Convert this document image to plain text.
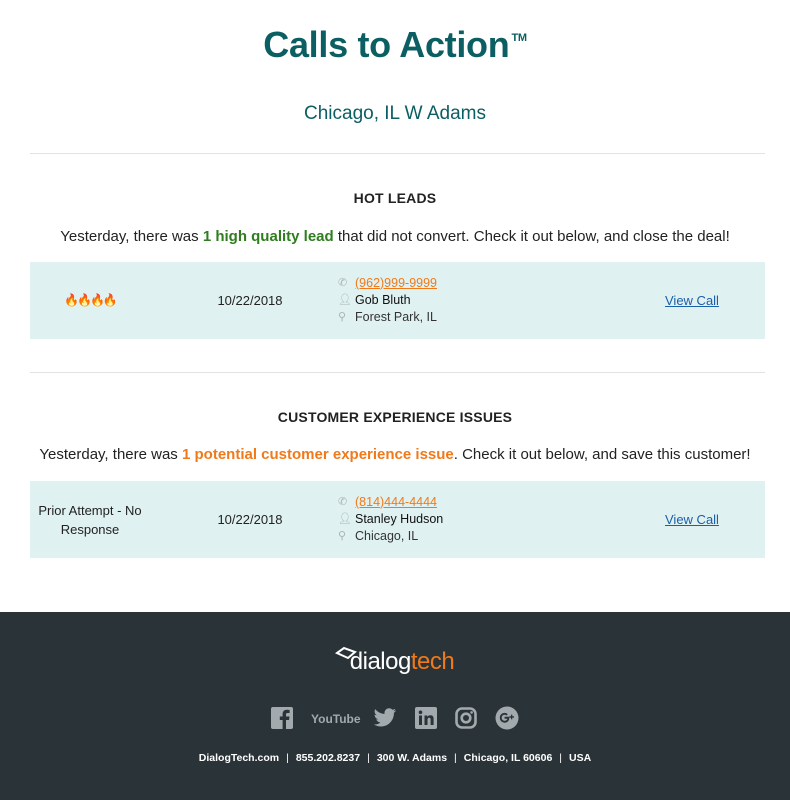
Calls to Action ™
Chicago, IL W Adams
HOT LEADS
Yesterday, there was 1 high quality lead that did not convert. Check it out below, and close the deal!
🔥🔥🔥🔥	10/22/2018
✆ (962)999-9999
👤︎ Gob Bluth
⚲ Forest Park, IL
View Call
CUSTOMER EXPERIENCE ISSUES
Yesterday, there was 1 potential customer experience issue. Check it out below, and save this customer!
Prior Attempt - No Response
10/22/2018
✆ (814)444-4444
👤︎ Stanley Hudson
⚲ Chicago, IL
View Call
dialogtech
YouTube
DialogTech.com | 855.202.8237 | 300 W. Adams | Chicago, IL 60606 | USA
